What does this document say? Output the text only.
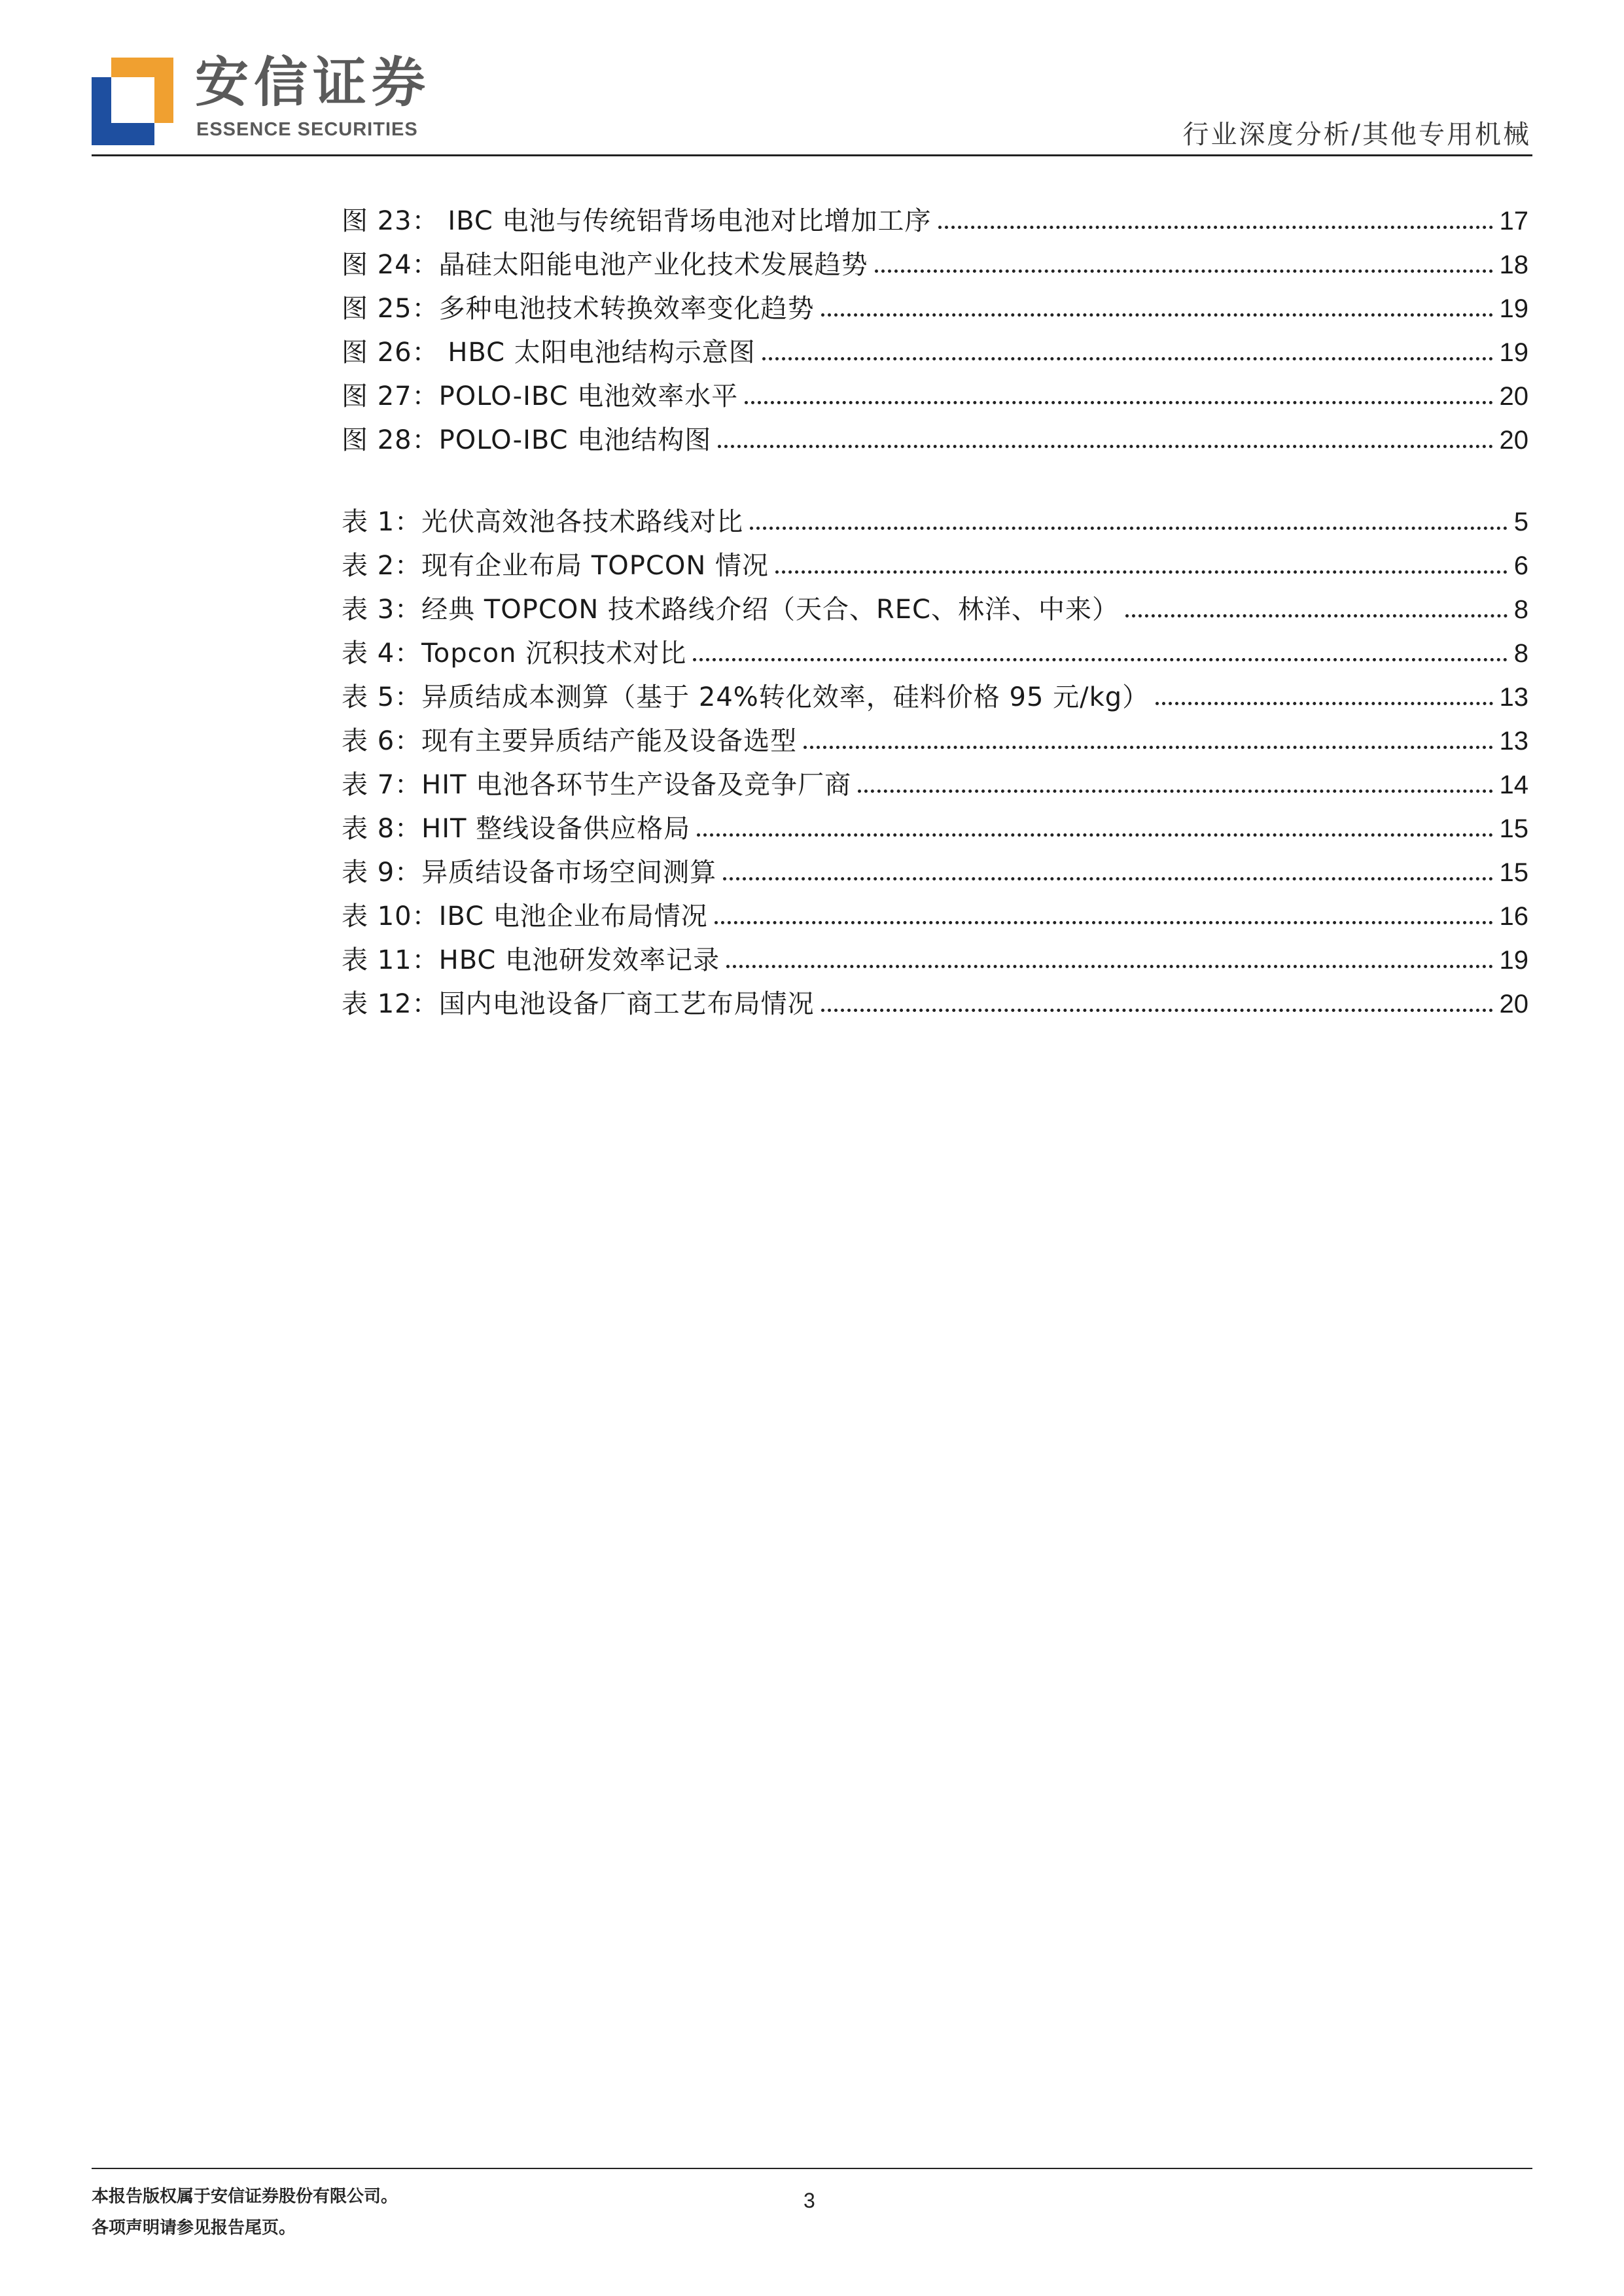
安信证券
ESSENCE SECURITIES	行业深度分析/其他专用机械
图 23： IBC 电池与传统铝背场电池对比增加工序	17
图 24：晶硅太阳能电池产业化技术发展趋势	18
图 25：多种电池技术转换效率变化趋势	19
图 26： HBC 太阳电池结构示意图	19
图 27：POLO-IBC 电池效率水平	20
图 28：POLO-IBC 电池结构图	20
表 1：光伏高效池各技术路线对比	5
表 2：现有企业布局 TOPCON 情况	6
表 3：经典 TOPCON 技术路线介绍（天合、REC、林洋、中来）	8
表 4：Topcon 沉积技术对比	8
表 5：异质结成本测算（基于 24%转化效率，硅料价格 95 元/kg）	13
表 6：现有主要异质结产能及设备选型	13
表 7：HIT 电池各环节生产设备及竞争厂商	14
表 8：HIT 整线设备供应格局	15
表 9：异质结设备市场空间测算	15
表 10：IBC 电池企业布局情况	16
表 11：HBC 电池研发效率记录	19
表 12：国内电池设备厂商工艺布局情况	20
本报告版权属于安信证券股份有限公司。
各项声明请参见报告尾页。
3
